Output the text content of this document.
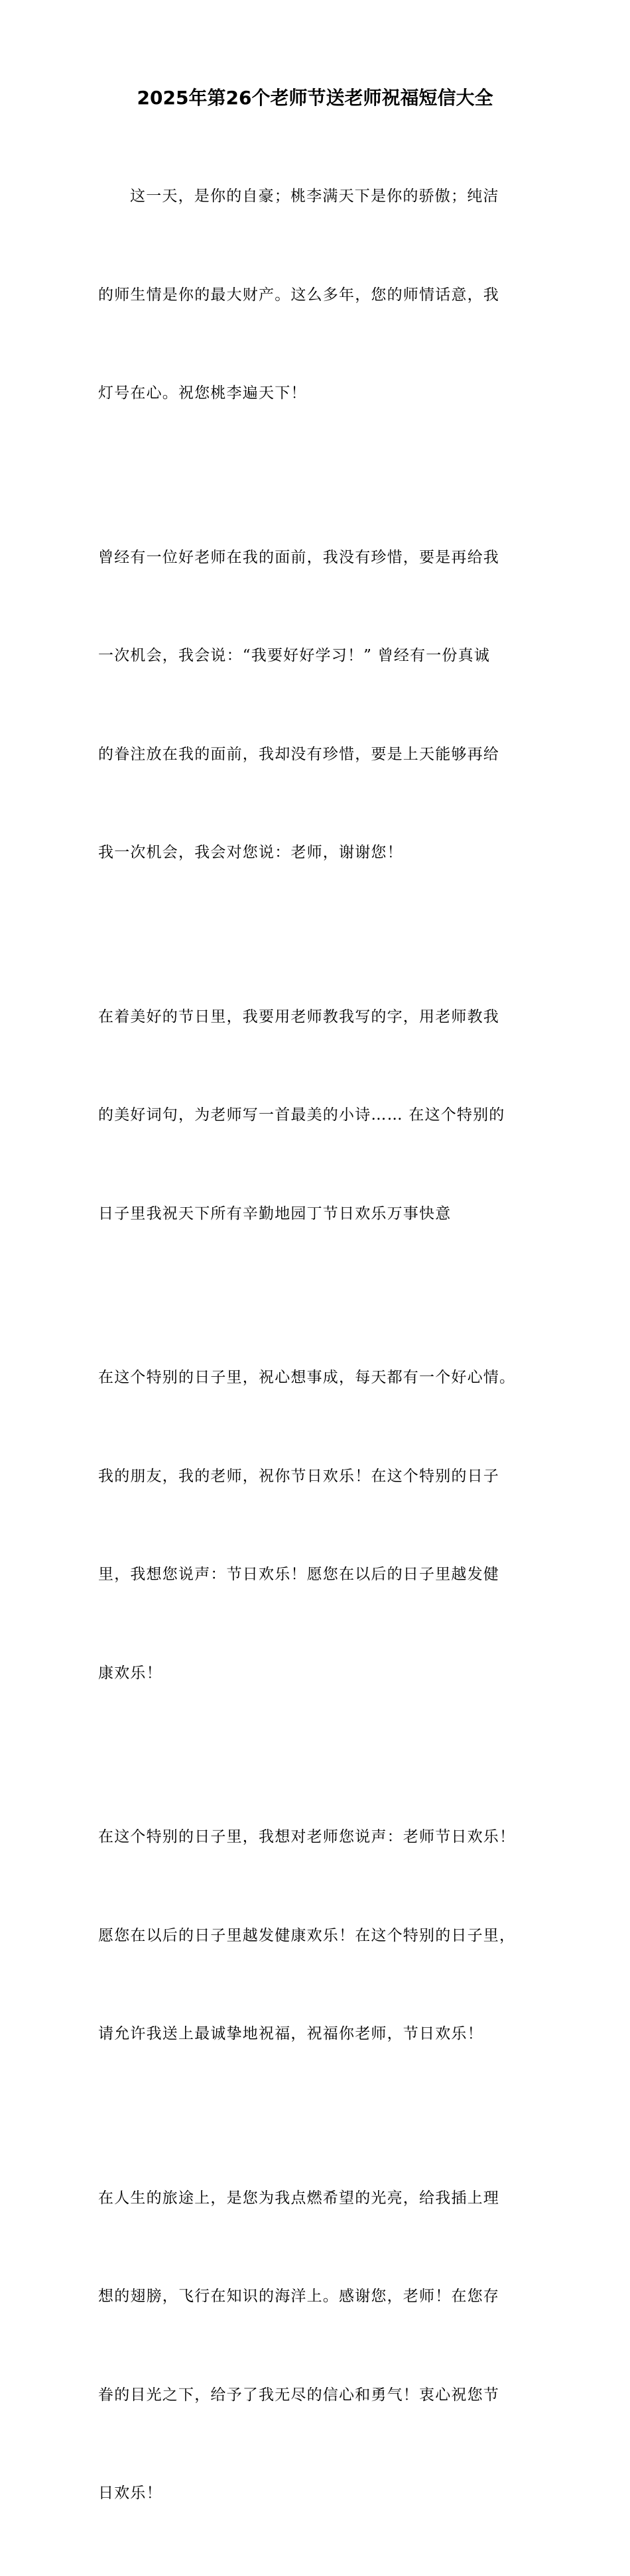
2025年第26个老师节送老师祝福短信大全

这一天，是你的自豪；桃李满天下是你的骄傲；纯洁

的师生情是你的最大财产。这么多年，您的师情话意，我

灯号在心。祝您桃李遍天下！

曾经有一位好老师在我的面前，我没有珍惜，要是再给我

一次机会，我会说：“我要好好学习！” 曾经有一份真诚

的眷注放在我的面前，我却没有珍惜，要是上天能够再给

我一次机会，我会对您说：老师，谢谢您！

在着美好的节日里，我要用老师教我写的字，用老师教我

的美好词句，为老师写一首最美的小诗…… 在这个特别的

日子里我祝天下所有辛勤地园丁节日欢乐万事快意

在这个特别的日子里，祝心想事成，每天都有一个好心情。

我的朋友，我的老师，祝你节日欢乐！在这个特别的日子

里，我想您说声：节日欢乐！愿您在以后的日子里越发健

康欢乐！

在这个特别的日子里，我想对老师您说声：老师节日欢乐！

愿您在以后的日子里越发健康欢乐！在这个特别的日子里，

请允许我送上最诚挚地祝福，祝福你老师，节日欢乐！

在人生的旅途上，是您为我点燃希望的光亮，给我插上理

想的翅膀，飞行在知识的海洋上。感谢您，老师！在您存

眷的目光之下，给予了我无尽的信心和勇气！衷心祝您节

日欢乐！
